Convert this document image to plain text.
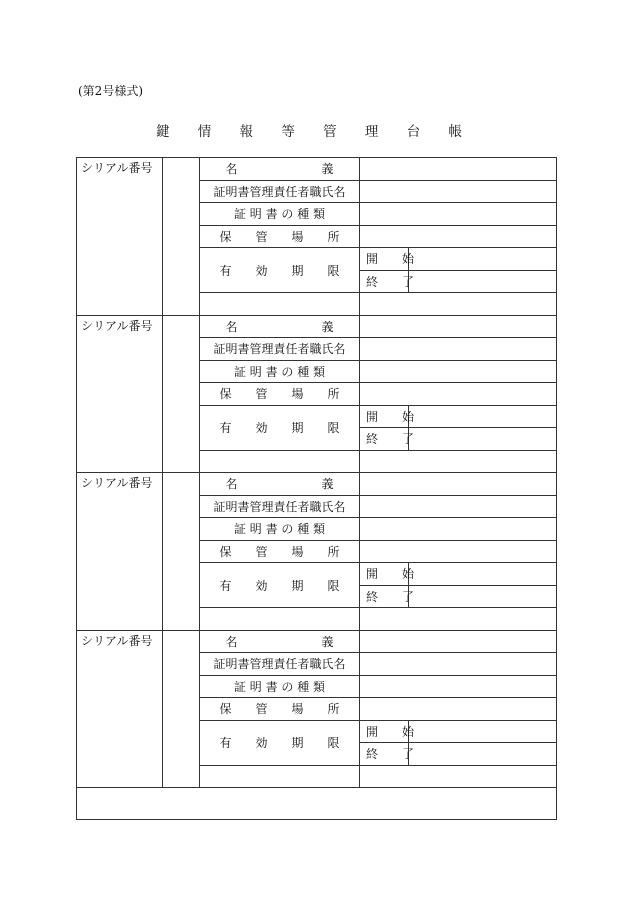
(第2号様式)
鍵 情 報 等 管 理 台 帳
シリアル番号		名　　　　　　　義		
		証明書管理責任者職氏名		
		証 明 書 の 種 類		
		保　　管　　場　　所		
		有　　効　　期　　限	開　　始	
			終　　了	

シリアル番号		名　　　　　　　義		
		証明書管理責任者職氏名		
		証 明 書 の 種 類		
		保　　管　　場　　所		
		有　　効　　期　　限	開　　始	
			終　　了	

シリアル番号		名　　　　　　　義		
		証明書管理責任者職氏名		
		証 明 書 の 種 類		
		保　　管　　場　　所		
		有　　効　　期　　限	開　　始	
			終　　了	

シリアル番号		名　　　　　　　義		
		証明書管理責任者職氏名		
		証 明 書 の 種 類		
		保　　管　　場　　所		
		有　　効　　期　　限	開　　始	
			終　　了	
